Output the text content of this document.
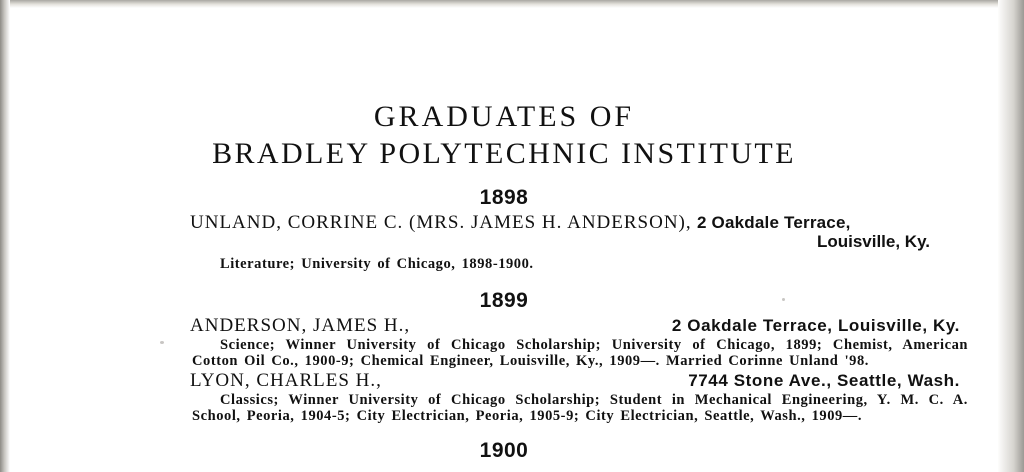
GRADUATES OF
BRADLEY POLYTECHNIC INSTITUTE
1898
UNLAND, CORRINE C. (MRS. JAMES H. ANDERSON), 2 Oakdale Terrace,
Louisville, Ky.
Literature; University of Chicago, 1898-1900.
1899
2 Oakdale Terrace, Louisville, Ky.
ANDERSON, JAMES H.,
Science; Winner University of Chicago Scholarship; University of Chicago, 1899; Chemist, American Cotton Oil Co., 1900-9; Chemical Engineer, Louisville, Ky., 1909—. Married Corinne Unland '98.
7744 Stone Ave., Seattle, Wash.
LYON, CHARLES H.,
Classics; Winner University of Chicago Scholarship; Student in Mechanical Engineering, Y. M. C. A. School, Peoria, 1904-5; City Electrician, Peoria, 1905-9; City Electrician, Seattle, Wash., 1909—.
1900
